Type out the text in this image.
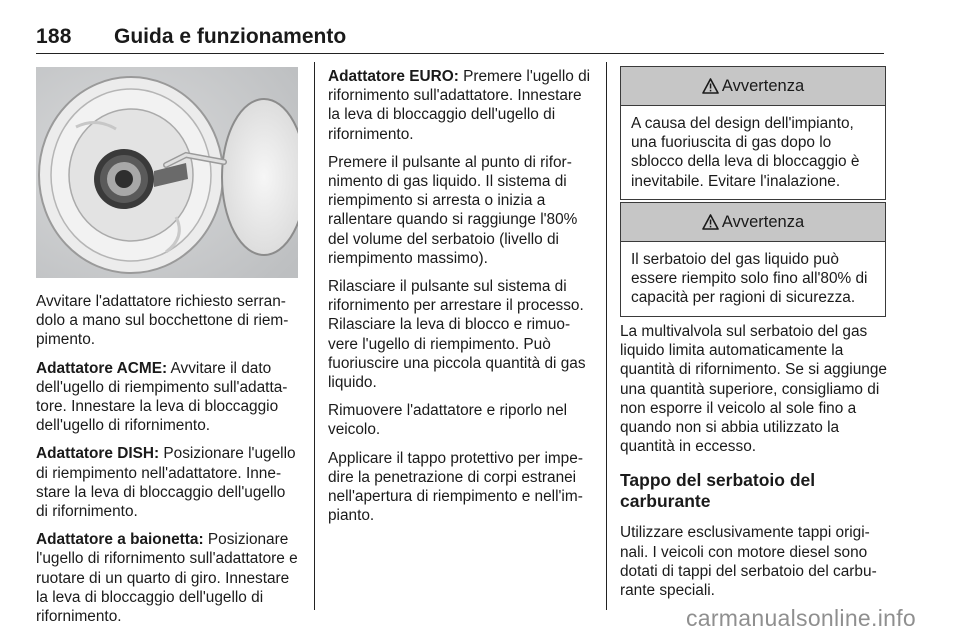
188 Guida e funzionamento

Avvitare l'adattatore richiesto serrandolo a mano sul bocchettone di riempimento.

Adattatore ACME: Avvitare il dato dell'ugello di riempimento sull'adattatore. Innestare la leva di bloccaggio dell'ugello di rifornimento.

Adattatore DISH: Posizionare l'ugello di riempimento nell'adattatore. Innestare la leva di bloccaggio dell'ugello di rifornimento.

Adattatore a baionetta: Posizionare l'ugello di rifornimento sull'adattatore e ruotare di un quarto di giro. Innestare la leva di bloccaggio dell'ugello di rifornimento.

Adattatore EURO: Premere l'ugello di rifornimento sull'adattatore. Innestare la leva di bloccaggio dell'ugello di rifornimento.

Premere il pulsante al punto di rifornimento di gas liquido. Il sistema di riempimento si arresta o inizia a rallentare quando si raggiunge l'80% del volume del serbatoio (livello di riempimento massimo).

Rilasciare il pulsante sul sistema di rifornimento per arrestare il processo. Rilasciare la leva di blocco e rimuovere l'ugello di riempimento. Può fuoriuscire una piccola quantità di gas liquido.

Rimuovere l'adattatore e riporlo nel veicolo.

Applicare il tappo protettivo per impedire la penetrazione di corpi estranei nell'apertura di riempimento e nell'impianto.

Avvertenza
A causa del design dell'impianto, una fuoriuscita di gas dopo lo sblocco della leva di bloccaggio è inevitabile. Evitare l'inalazione.
Avvertenza
Il serbatoio del gas liquido può essere riempito solo fino all'80% di capacità per ragioni di sicurezza.

La multivalvola sul serbatoio del gas liquido limita automaticamente la quantità di rifornimento. Se si aggiunge una quantità superiore, consigliamo di non esporre il veicolo al sole fino a quando non si abbia utilizzato la quantità in eccesso.

Tappo del serbatoio del carburante

Utilizzare esclusivamente tappi originali. I veicoli con motore diesel sono dotati di tappi del serbatoio del carburante speciali.

carmanualsonline.info
